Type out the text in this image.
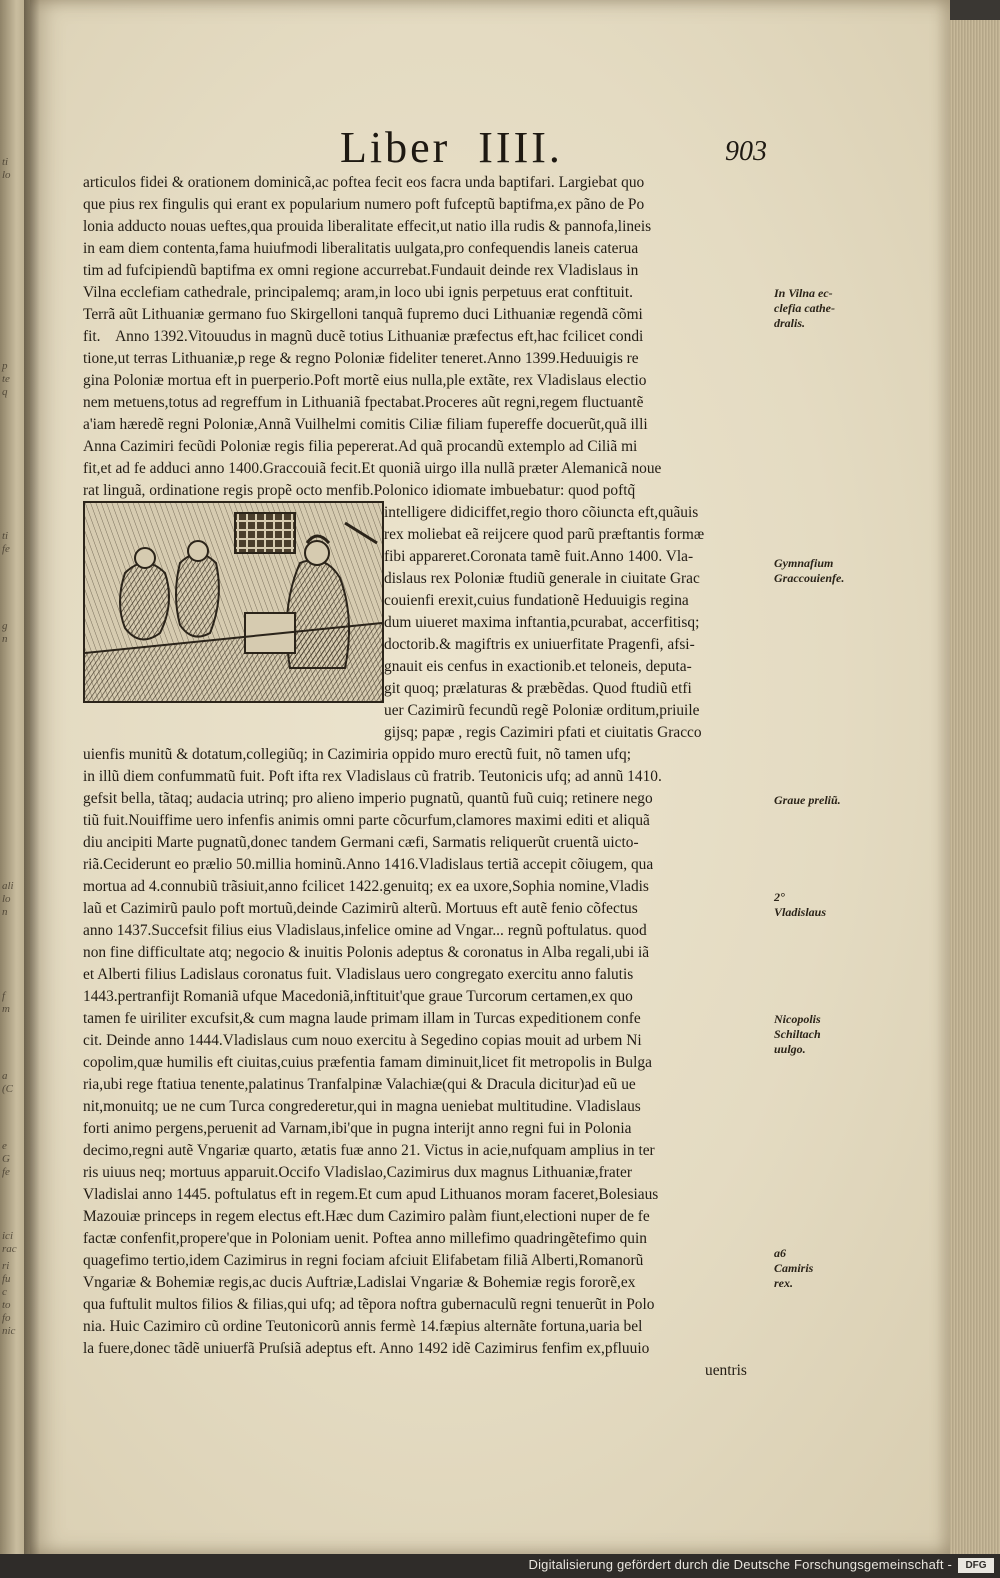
ti
lo
p
te
q
ti
fe
g
n
ali
lo
n
f
m
a
(C
e
G
fe
ici
rac
ri
fu
c
to
fo
nic
Liber  IIII.	903
articulos fidei & orationem dominicã,ac poftea fecit eos facra unda baptifari. Largiebat quo
que pius rex fingulis qui erant ex popularium numero poft fufceptũ baptifma,ex pãno de Po
lonia adducto nouas ueftes,qua prouida liberalitate effecit,ut natio illa rudis & pannofa,lineis
in eam diem contenta,fama huiufmodi liberalitatis uulgata,pro confequendis laneis caterua
tim ad fufcipiendũ baptifma ex omni regione accurrebat.Fundauit deinde rex Vladislaus in
Vilna ecclefiam cathedrale, principalemq; aram,in loco ubi ignis perpetuus erat conftituit.
Terrã aũt Lithuaniæ germano fuo Skirgelloni tanquã fupremo duci Lithuaniæ regendã cõmi
fit.    Anno 1392.Vitouudus in magnũ ducẽ totius Lithuaniæ præfectus eft,hac fcilicet condi
tione,ut terras Lithuaniæ,p rege & regno Poloniæ fideliter teneret.Anno 1399.Heduuigis re
gina Poloniæ mortua eft in puerperio.Poft mortẽ eius nulla,ple extãte, rex Vladislaus electio
nem metuens,totus ad regreffum in Lithuaniã fpectabat.Proceres aũt regni,regem fluctuantẽ
a'iam hæredẽ regni Poloniæ,Annã Vuilhelmi comitis Ciliæ filiam fupereffe docuerũt,quã illi
Anna Cazimiri fecũdi Poloniæ regis filia pepererat.Ad quã procandũ extemplo ad Ciliã mi
fit,et ad fe adduci anno 1400.Graccouiã fecit.Et quoniã uirgo illa nullã præter Alemanicã noue
rat linguã, ordinatione regis propẽ octo menfib.Polonico idiomate imbuebatur: quod poftq̃
intelligere didiciffet,regio thoro cõiuncta eft,quãuis
rex moliebat eã reijcere quod parũ præftantis formæ
fibi appareret.Coronata tamẽ fuit.Anno 1400. Vla-
dislaus rex Poloniæ ftudiũ generale in ciuitate Grac
couienfi erexit,cuius fundationẽ Heduuigis regina
dum uiueret maxima inftantia,pcurabat, accerfitisq;
doctorib.& magiftris ex uniuerfitate Pragenfi, afsi-
gnauit eis cenfus in exactionib.et teloneis, deputa-
git quoq; prælaturas & præbẽdas. Quod ftudiũ etfi
uer Cazimirũ fecundũ regẽ Poloniæ orditum,priuile
gijsq; papæ , regis Cazimiri pfati et ciuitatis Gracco
uienfis munitũ & dotatum,collegiũq; in Cazimiria oppido muro erectũ fuit, nõ tamen ufq;
in illũ diem confummatũ fuit. Poft ifta rex Vladislaus cũ fratrib. Teutonicis ufq; ad annũ 1410.
gefsit bella, tãtaq; audacia utrinq; pro alieno imperio pugnatũ, quantũ fuũ cuiq; retinere nego
tiũ fuit.Nouiffime uero infenfis animis omni parte cõcurfum,clamores maximi editi et aliquã
diu ancipiti Marte pugnatũ,donec tandem Germani cæfi, Sarmatis reliquerũt cruentã uicto-
riã.Ceciderunt eo prælio 50.millia hominũ.Anno 1416.Vladislaus tertiã accepit cõiugem, qua
mortua ad 4.connubiũ trãsiuit,anno fcilicet 1422.genuitq; ex ea uxore,Sophia nomine,Vladis
laũ et Cazimirũ paulo poft mortuũ,deinde Cazimirũ alterũ. Mortuus eft autẽ fenio cõfectus
anno 1437.Succefsit filius eius Vladislaus,infelice omine ad Vngar... regnũ poftulatus. quod
non fine difficultate atq; negocio & inuitis Polonis adeptus & coronatus in Alba regali,ubi iã
et Alberti filius Ladislaus coronatus fuit. Vladislaus uero congregato exercitu anno falutis
1443.pertranfijt Romaniã ufque Macedoniã,inftituit'que graue Turcorum certamen,ex quo
tamen fe uiriliter excufsit,& cum magna laude primam illam in Turcas expeditionem confe
cit. Deinde anno 1444.Vladislaus cum nouo exercitu à Segedino copias mouit ad urbem Ni
copolim,quæ humilis eft ciuitas,cuius præfentia famam diminuit,licet fit metropolis in Bulga
ria,ubi rege ftatiua tenente,palatinus Tranfalpinæ Valachiæ(qui & Dracula dicitur)ad eũ ue
nit,monuitq; ue ne cum Turca congrederetur,qui in magna ueniebat multitudine. Vladislaus
forti animo pergens,peruenit ad Varnam,ibi'que in pugna interijt anno regni fui in Polonia
decimo,regni autẽ Vngariæ quarto, ætatis fuæ anno 21. Victus in acie,nufquam amplius in ter
ris uiuus neq; mortuus apparuit.Occifo Vladislao,Cazimirus dux magnus Lithuaniæ,frater
Vladislai anno 1445. poftulatus eft in regem.Et cum apud Lithuanos moram faceret,Bolesiaus
Mazouiæ princeps in regem electus eft.Hæc dum Cazimiro palàm fiunt,electioni nuper de fe
factæ confenfit,propere'que in Poloniam uenit. Poftea anno millefimo quadringẽtefimo quin
quagefimo tertio,idem Cazimirus in regni fociam afciuit Elifabetam filiã Alberti,Romanorũ
Vngariæ & Bohemiæ regis,ac ducis Auftriæ,Ladislai Vngariæ & Bohemiæ regis fororẽ,ex
qua fuftulit multos filios & filias,qui ufq; ad tẽpora noftra gubernaculũ regni tenuerũt in Polo
nia. Huic Cazimiro cũ ordine Teutonicorũ annis fermè 14.fæpius alternãte fortuna,uaria bel
la fuere,donec tãdẽ uniuerfã Pruſsiã adeptus eft. Anno 1492 idẽ Cazimirus fenfim ex,pfluuio
uentris
In Vilna ec-
clefia cathe-
dralis.
Gymnafium
Graccouienfe.
Graue preliũ.
2°
Vladislaus
Nicopolis
Schiltach
uulgo.
a6
Camiris
rex.
Digitalisierung gefördert durch die Deutsche Forschungsgemeinschaft -	DFG
